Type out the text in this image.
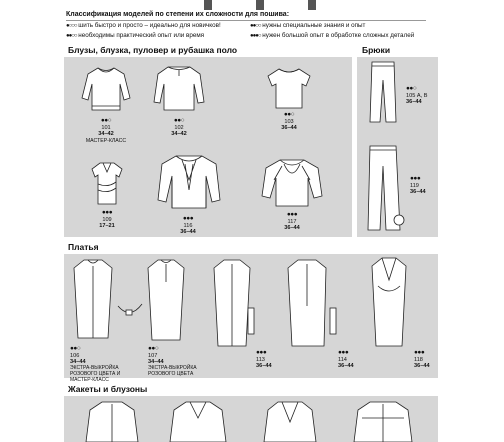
Классификация моделей по степени их сложности для пошива:
●○○○ шить быстро и просто – идеально для новичков!	●●○○ нужны специальные знания и опыт
●●○○ необходимы практический опыт или время	●●●○ нужен большой опыт в обработке сложных деталей
Блузы, блузка, пуловер и рубашка поло	Брюки
Платья
Жакеты и блузоны
●●○
101
34–42
МАСТЕР-КЛАСС
●●○
102
34–42
●●○
103
36–44
●●●
109
17–21
●●●
116
36–44
●●●
117
36–44
●●○
105 А, В
36–44
●●●
119
36–44
●●○
106
34–44
ЭКСТРА-ВЫКРОЙКА РОЗОВОГО ЦВЕТА И МАСТЕР-КЛАСС
●●○
107
34–44
ЭКСТРА-ВЫКРОЙКА РОЗОВОГО ЦВЕТА
●●●
113
36–44
●●●
114
36–44
●●●
118
36–44
